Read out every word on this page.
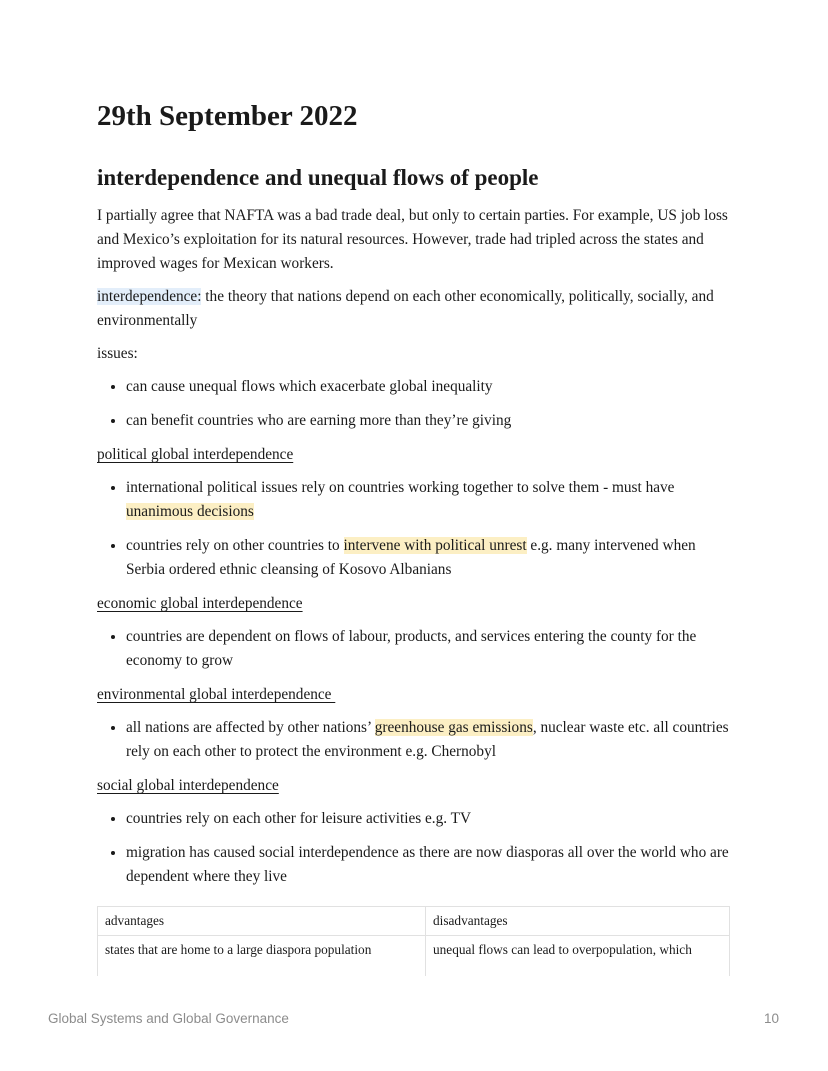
29th September 2022
interdependence and unequal flows of people

I partially agree that NAFTA was a bad trade deal, but only to certain parties. For example, US job loss and Mexico’s exploitation for its natural resources. However, trade had tripled across the states and improved wages for Mexican workers.

interdependence: the theory that nations depend on each other economically, politically, socially, and environmentally

issues:

• can cause unequal flows which exacerbate global inequality
• can benefit countries who are earning more than they’re giving

political global interdependence

• international political issues rely on countries working together to solve them - must have unanimous decisions
• countries rely on other countries to intervene with political unrest e.g. many intervened when Serbia ordered ethnic cleansing of Kosovo Albanians

economic global interdependence

• countries are dependent on flows of labour, products, and services entering the county for the economy to grow

environmental global interdependence

• all nations are affected by other nations’ greenhouse gas emissions, nuclear waste etc. all countries rely on each other to protect the environment e.g. Chernobyl

social global interdependence

• countries rely on each other for leisure activities e.g. TV
• migration has caused social interdependence as there are now diasporas all over the world who are dependent where they live
advantages	disadvantages
states that are home to a large diaspora population	unequal flows can lead to overpopulation, which
Global Systems and Global Governance	10
